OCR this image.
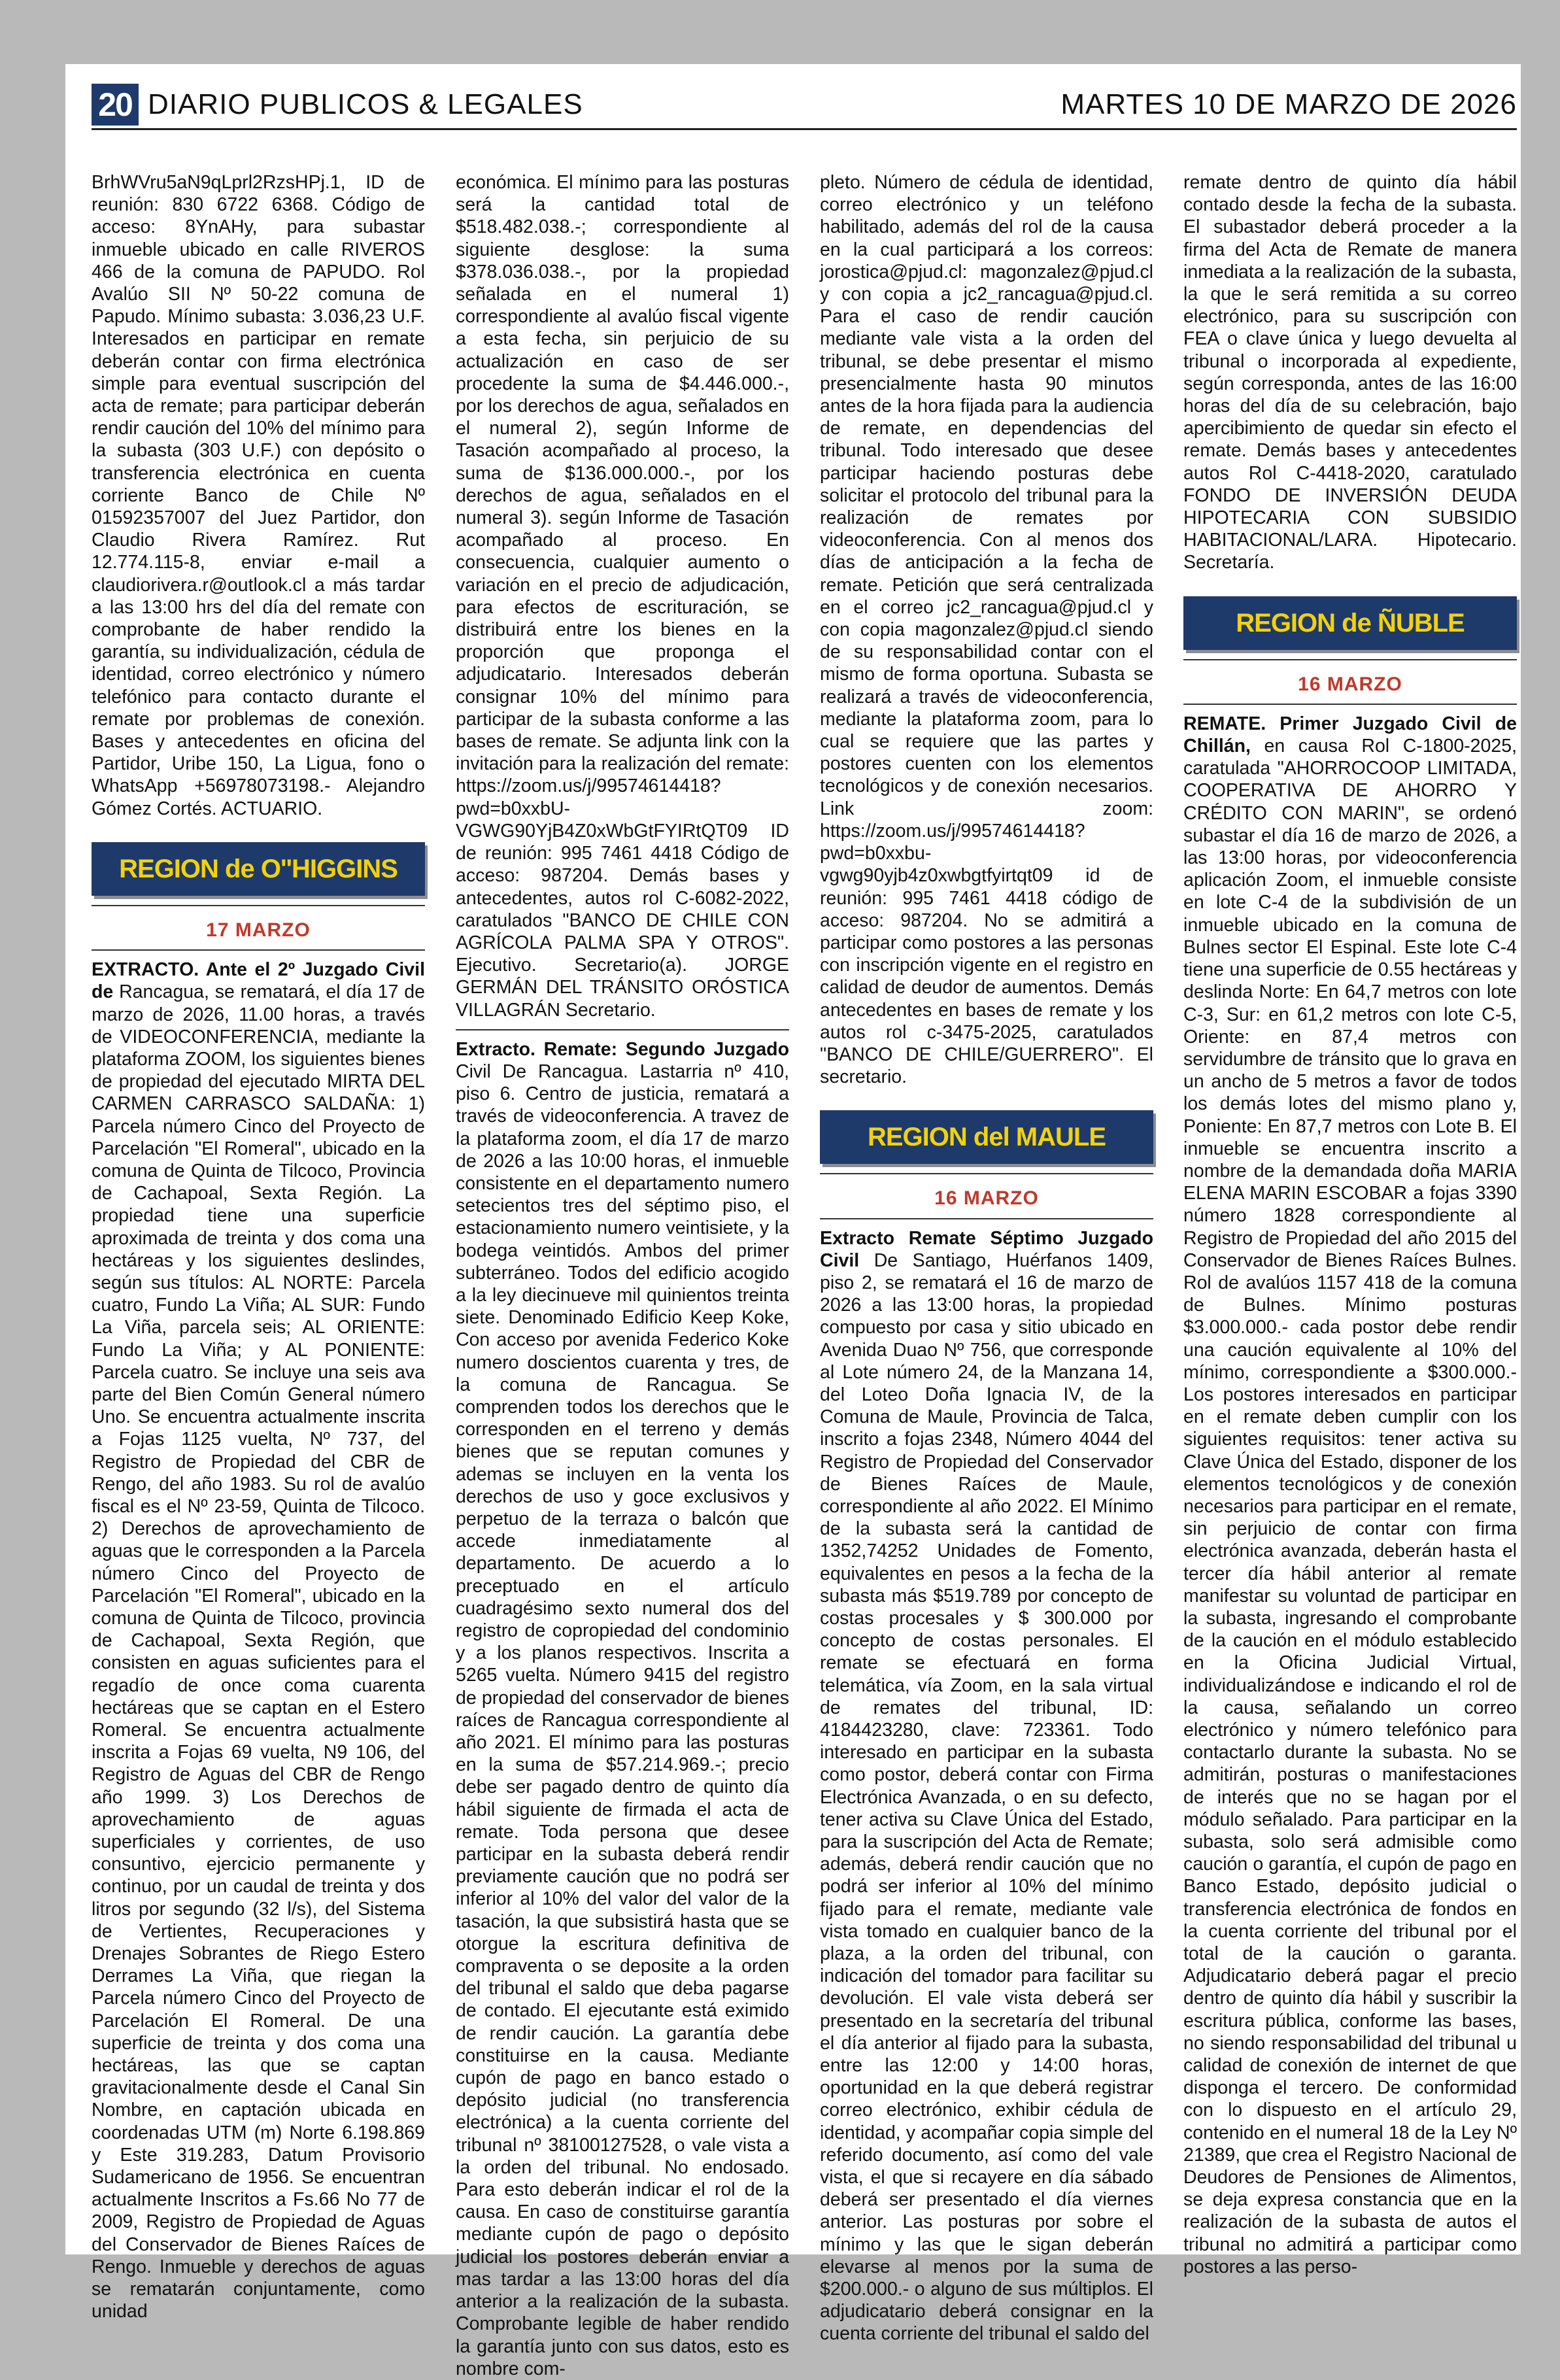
20 DIARIO PUBLICOS & LEGALES	MARTES 10 DE MARZO DE 2026

BrhWVru5aN9qLprl2RzsHPj.1, ID de reunión: 830 6722 6368. Código de acceso: 8YnAHy, para subastar inmueble ubicado en calle RIVEROS 466 de la comuna de PAPUDO. Rol Avalúo SII Nº 50-22 comuna de Papudo. Mínimo subasta: 3.036,23 U.F. Interesados en participar en remate deberán contar con firma electrónica simple para eventual suscripción del acta de remate; para participar deberán rendir caución del 10% del mínimo para la subasta (303 U.F.) con depósito o transferencia electrónica en cuenta corriente Banco de Chile Nº 01592357007 del Juez Partidor, don Claudio Rivera Ramírez. Rut 12.774.115-8, enviar e-mail a claudiorivera.r@outlook.cl a más tardar a las 13:00 hrs del día del remate con comprobante de haber rendido la garantía, su individualización, cédula de identidad, correo electrónico y número telefónico para contacto durante el remate por problemas de conexión. Bases y antecedentes en oficina del Partidor, Uribe 150, La Ligua, fono o WhatsApp +56978073198.- Alejandro Gómez Cortés. ACTUARIO.

REGION de O''HIGGINS
17 MARZO

EXTRACTO. Ante el 2º Juzgado Civil de Rancagua, se rematará, el día 17 de marzo de 2026, 11.00 horas, a través de VIDEOCONFERENCIA, mediante la plataforma ZOOM, los siguientes bienes de propiedad del ejecutado MIRTA DEL CARMEN CARRASCO SALDAÑA: 1) Parcela número Cinco del Proyecto de Parcelación "El Romeral", ubicado en la comuna de Quinta de Tilcoco, Provincia de Cachapoal, Sexta Región. La propiedad tiene una superficie aproximada de treinta y dos coma una hectáreas y los siguientes deslindes, según sus títulos: AL NORTE: Parcela cuatro, Fundo La Viña; AL SUR: Fundo La Viña, parcela seis; AL ORIENTE: Fundo La Viña; y AL PONIENTE: Parcela cuatro. Se incluye una seis ava parte del Bien Común General número Uno. Se encuentra actualmente inscrita a Fojas 1125 vuelta, Nº 737, del Registro de Propiedad del CBR de Rengo, del año 1983. Su rol de avalúo fiscal es el Nº 23-59, Quinta de Tilcoco. 2) Derechos de aprovechamiento de aguas que le corresponden a la Parcela número Cinco del Proyecto de Parcelación "El Romeral", ubicado en la comuna de Quinta de Tilcoco, provincia de Cachapoal, Sexta Región, que consisten en aguas suficientes para el regadío de once coma cuarenta hectáreas que se captan en el Estero Romeral. Se encuentra actualmente inscrita a Fojas 69 vuelta, N9 106, del Registro de Aguas del CBR de Rengo año 1999. 3) Los Derechos de aprovechamiento de aguas superficiales y corrientes, de uso consuntivo, ejercicio permanente y continuo, por un caudal de treinta y dos litros por segundo (32 l/s), del Sistema de Vertientes, Recuperaciones y Drenajes Sobrantes de Riego Estero Derrames La Viña, que riegan la Parcela número Cinco del Proyecto de Parcelación El Romeral. De una superficie de treinta y dos coma una hectáreas, las que se captan gravitacionalmente desde el Canal Sin Nombre, en captación ubicada en coordenadas UTM (m) Norte 6.198.869 y Este 319.283, Datum Provisorio Sudamericano de 1956. Se encuentran actualmente Inscritos a Fs.66 No 77 de 2009, Registro de Propiedad de Aguas del Conservador de Bienes Raíces de Rengo. Inmueble y derechos de aguas se rematarán conjuntamente, como unidad

económica. El mínimo para las posturas será la cantidad total de $518.482.038.-; correspondiente al siguiente desglose: la suma $378.036.038.-, por la propiedad señalada en el numeral 1) correspondiente al avalúo fiscal vigente a esta fecha, sin perjuicio de su actualización en caso de ser procedente la suma de $4.446.000.-, por los derechos de agua, señalados en el numeral 2), según Informe de Tasación acompañado al proceso, la suma de $136.000.000.-, por los derechos de agua, señalados en el numeral 3). según Informe de Tasación acompañado al proceso. En consecuencia, cualquier aumento o variación en el precio de adjudicación, para efectos de escrituración, se distribuirá entre los bienes en la proporción que proponga el adjudicatario. Interesados deberán consignar 10% del mínimo para participar de la subasta conforme a las bases de remate. Se adjunta link con la invitación para la realización del remate: https://zoom.us/j/99574614418?pwd=b0xxbU-VGWG90YjB4Z0xWbGtFYIRtQT09 ID de reunión: 995 7461 4418 Código de acceso: 987204. Demás bases y antecedentes, autos rol C-6082-2022, caratulados "BANCO DE CHILE CON AGRÍCOLA PALMA SPA Y OTROS". Ejecutivo. Secretario(a). JORGE GERMÁN DEL TRÁNSITO ORÓSTICA VILLAGRÁN Secretario.

Extracto. Remate: Segundo Juzgado Civil De Rancagua. Lastarria nº 410, piso 6. Centro de justicia, rematará a través de videoconferencia. A travez de la plataforma zoom, el día 17 de marzo de 2026 a las 10:00 horas, el inmueble consistente en el departamento numero setecientos tres del séptimo piso, el estacionamiento numero veintisiete, y la bodega veintidós. Ambos del primer subterráneo. Todos del edificio acogido a la ley diecinueve mil quinientos treinta siete. Denominado Edificio Keep Koke, Con acceso por avenida Federico Koke numero doscientos cuarenta y tres, de la comuna de Rancagua. Se comprenden todos los derechos que le corresponden en el terreno y demás bienes que se reputan comunes y ademas se incluyen en la venta los derechos de uso y goce exclusivos y perpetuo de la terraza o balcón que accede inmediatamente al departamento. De acuerdo a lo preceptuado en el artículo cuadragésimo sexto numeral dos del registro de copropiedad del condominio y a los planos respectivos. Inscrita a 5265 vuelta. Número 9415 del registro de propiedad del conservador de bienes raíces de Rancagua correspondiente al año 2021. El mínimo para las posturas en la suma de $57.214.969.-; precio debe ser pagado dentro de quinto día hábil siguiente de firmada el acta de remate. Toda persona que desee participar en la subasta deberá rendir previamente caución que no podrá ser inferior al 10% del valor del valor de la tasación, la que subsistirá hasta que se otorgue la escritura definitiva de compraventa o se deposite a la orden del tribunal el saldo que deba pagarse de contado. El ejecutante está eximido de rendir caución. La garantía debe constituirse en la causa. Mediante cupón de pago en banco estado o depósito judicial (no transferencia electrónica) a la cuenta corriente del tribunal nº 38100127528, o vale vista a la orden del tribunal. No endosado. Para esto deberán indicar el rol de la causa. En caso de constituirse garantía mediante cupón de pago o depósito judicial los postores deberán enviar a mas tardar a las 13:00 horas del día anterior a la realización de la subasta. Comprobante legible de haber rendido la garantía junto con sus datos, esto es nombre com-

pleto. Número de cédula de identidad, correo electrónico y un teléfono habilitado, además del rol de la causa en la cual participará a los correos: jorostica@pjud.cl: magonzalez@pjud.cl y con copia a jc2_rancagua@pjud.cl. Para el caso de rendir caución mediante vale vista a la orden del tribunal, se debe presentar el mismo presencialmente hasta 90 minutos antes de la hora fijada para la audiencia de remate, en dependencias del tribunal. Todo interesado que desee participar haciendo posturas debe solicitar el protocolo del tribunal para la realización de remates por videoconferencia. Con al menos dos días de anticipación a la fecha de remate. Petición que será centralizada en el correo jc2_rancagua@pjud.cl y con copia magonzalez@pjud.cl siendo de su responsabilidad contar con el mismo de forma oportuna. Subasta se realizará a través de videoconferencia, mediante la plataforma zoom, para lo cual se requiere que las partes y postores cuenten con los elementos tecnológicos y de conexión necesarios. Link zoom: https://zoom.us/j/99574614418?pwd=b0xxbu-vgwg90yjb4z0xwbgtfyirtqt09 id de reunión: 995 7461 4418 código de acceso: 987204. No se admitirá a participar como postores a las personas con inscripción vigente en el registro en calidad de deudor de aumentos. Demás antecedentes en bases de remate y los autos rol c-3475-2025, caratulados "BANCO DE CHILE/GUERRERO". El secretario.

REGION del MAULE
16 MARZO

Extracto Remate Séptimo Juzgado Civil De Santiago, Huérfanos 1409, piso 2, se rematará el 16 de marzo de 2026 a las 13:00 horas, la propiedad compuesto por casa y sitio ubicado en Avenida Duao Nº 756, que corresponde al Lote número 24, de la Manzana 14, del Loteo Doña Ignacia IV, de la Comuna de Maule, Provincia de Talca, inscrito a fojas 2348, Número 4044 del Registro de Propiedad del Conservador de Bienes Raíces de Maule, correspondiente al año 2022. El Mínimo de la subasta será la cantidad de 1352,74252 Unidades de Fomento, equivalentes en pesos a la fecha de la subasta más $519.789 por concepto de costas procesales y $ 300.000 por concepto de costas personales. El remate se efectuará en forma telemática, vía Zoom, en la sala virtual de remates del tribunal, ID: 4184423280, clave: 723361. Todo interesado en participar en la subasta como postor, deberá contar con Firma Electrónica Avanzada, o en su defecto, tener activa su Clave Única del Estado, para la suscripción del Acta de Remate; además, deberá rendir caución que no podrá ser inferior al 10% del mínimo fijado para el remate, mediante vale vista tomado en cualquier banco de la plaza, a la orden del tribunal, con indicación del tomador para facilitar su devolución. El vale vista deberá ser presentado en la secretaría del tribunal el día anterior al fijado para la subasta, entre las 12:00 y 14:00 horas, oportunidad en la que deberá registrar correo electrónico, exhibir cédula de identidad, y acompañar copia simple del referido documento, así como del vale vista, el que si recayere en día sábado deberá ser presentado el día viernes anterior. Las posturas por sobre el mínimo y las que le sigan deberán elevarse al menos por la suma de $200.000.- o alguno de sus múltiplos. El adjudicatario deberá consignar en la cuenta corriente del tribunal el saldo del

remate dentro de quinto día hábil contado desde la fecha de la subasta. El subastador deberá proceder a la firma del Acta de Remate de manera inmediata a la realización de la subasta, la que le será remitida a su correo electrónico, para su suscripción con FEA o clave única y luego devuelta al tribunal o incorporada al expediente, según corresponda, antes de las 16:00 horas del día de su celebración, bajo apercibimiento de quedar sin efecto el remate. Demás bases y antecedentes autos Rol C-4418-2020, caratulado FONDO DE INVERSIÓN DEUDA HIPOTECARIA CON SUBSIDIO HABITACIONAL/LARA. Hipotecario. Secretaría.

REGION de ÑUBLE
16 MARZO

REMATE. Primer Juzgado Civil de Chillán, en causa Rol C-1800-2025, caratulada "AHORROCOOP LIMITADA, COOPERATIVA DE AHORRO Y CRÉDITO CON MARIN", se ordenó subastar el día 16 de marzo de 2026, a las 13:00 horas, por videoconferencia aplicación Zoom, el inmueble consiste en lote C-4 de la subdivisión de un inmueble ubicado en la comuna de Bulnes sector El Espinal. Este lote C-4 tiene una superficie de 0.55 hectáreas y deslinda Norte: En 64,7 metros con lote C-3, Sur: en 61,2 metros con lote C-5, Oriente: en 87,4 metros con servidumbre de tránsito que lo grava en un ancho de 5 metros a favor de todos los demás lotes del mismo plano y, Poniente: En 87,7 metros con Lote B. El inmueble se encuentra inscrito a nombre de la demandada doña MARIA ELENA MARIN ESCOBAR a fojas 3390 número 1828 correspondiente al Registro de Propiedad del año 2015 del Conservador de Bienes Raíces Bulnes. Rol de avalúos 1157 418 de la comuna de Bulnes. Mínimo posturas $3.000.000.- cada postor debe rendir una caución equivalente al 10% del mínimo, correspondiente a $300.000.- Los postores interesados en participar en el remate deben cumplir con los siguientes requisitos: tener activa su Clave Única del Estado, disponer de los elementos tecnológicos y de conexión necesarios para participar en el remate, sin perjuicio de contar con firma electrónica avanzada, deberán hasta el tercer día hábil anterior al remate manifestar su voluntad de participar en la subasta, ingresando el comprobante de la caución en el módulo establecido en la Oficina Judicial Virtual, individualizándose e indicando el rol de la causa, señalando un correo electrónico y número telefónico para contactarlo durante la subasta. No se admitirán, posturas o manifestaciones de interés que no se hagan por el módulo señalado. Para participar en la subasta, solo será admisible como caución o garantía, el cupón de pago en Banco Estado, depósito judicial o transferencia electrónica de fondos en la cuenta corriente del tribunal por el total de la caución o garanta. Adjudicatario deberá pagar el precio dentro de quinto día hábil y suscribir la escritura pública, conforme las bases, no siendo responsabilidad del tribunal u calidad de conexión de internet de que disponga el tercero. De conformidad con lo dispuesto en el artículo 29, contenido en el numeral 18 de la Ley Nº 21389, que crea el Registro Nacional de Deudores de Pensiones de Alimentos, se deja expresa constancia que en la realización de la subasta de autos el tribunal no admitirá a participar como postores a las perso-
